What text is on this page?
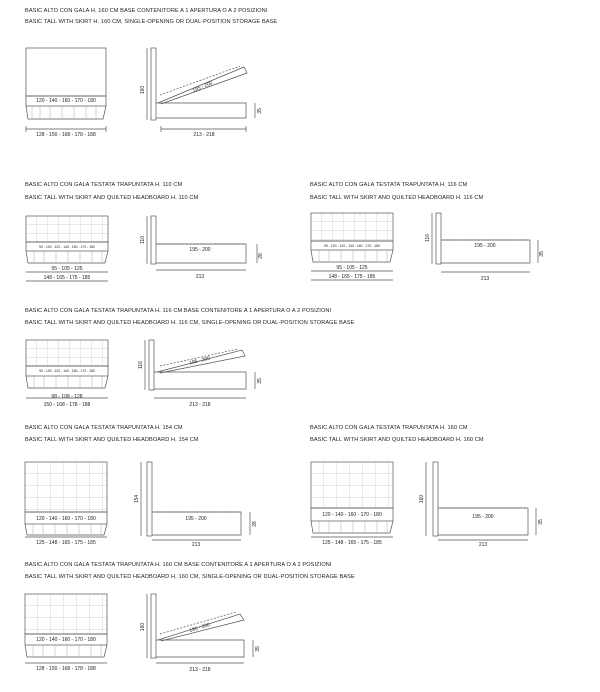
BASIC ALTO CON GALA H. 160 CM BASE CONTENITORE A 1 APERTURA O A 2 POSIZIONI
BASIC TALL WITH SKIRT H. 160 CM, SINGLE-OPENING OR DUAL-POSITION STORAGE BASE
BASIC ALTO CON GALA TESTATA TRAPUNTATA H. 110 CM
BASIC TALL WITH SKIRT AND QUILTED HEADBOARD H. 110 CM
BASIC ALTO CON GALA TESTATA TRAPUNTATA H. 116 CM
BASIC TALL WITH SKIRT AND QUILTED HEADBOARD H. 116 CM
BASIC ALTO CON GALA TESTATA TRAPUNTATA H. 116 CM BASE CONTENITORE A 1 APERTURA O A 2 POSIZIONI
BASIC TALL WITH SKIRT AND QUILTED HEADBOARD H. 116 CM, SINGLE-OPENING OR DUAL-POSITION STORAGE BASE
BASIC ALTO CON GALA TESTATA TRAPUNTATA H. 154 CM
BASIC TALL WITH SKIRT AND QUILTED HEADBOARD H. 154 CM
BASIC ALTO CON GALA TESTATA TRAPUNTATA H. 160 CM
BASIC TALL WITH SKIRT AND QUILTED HEADBOARD H. 160 CM
BASIC ALTO CON GALA TESTATA TRAPUNTATA H. 160 CM BASE CONTENITORE A 1 APERTURA O A 2 POSIZIONI
BASIC TALL WITH SKIRT AND QUILTED HEADBOARD H. 160 CM, SINGLE-OPENING OR DUAL-POSITION STORAGE BASE
120 - 140 - 160 - 170 - 180
128 - 150 - 168 - 178 - 188
160	195 - 200
35
213 - 218
90 - 100 - 120 - 140 - 160 - 170 - 180
95 - 105 - 125
148 - 165 - 175 - 185
110
195 - 200
28
213
90 - 100 - 120 - 140 - 160 - 170 - 180
95 - 105 - 125
148 - 165 - 175 - 185
116
195 - 200
35
213
90 - 100 - 120 - 140 - 160 - 170 - 180
98 - 108 - 128
150 - 168 - 178 - 188
116	195 - 200
35
213 - 218
120 - 140 - 160 - 170 - 180
125 - 148 - 165 - 175 - 185
154
195 - 200
28
213
120 - 140 - 160 - 170 - 180
125 - 148 - 165 - 175 - 185
160
195 - 200
35
213
120 - 140 - 160 - 170 - 180
128 - 150 - 168 - 178 - 188
160	195 - 200
35
213 - 218
